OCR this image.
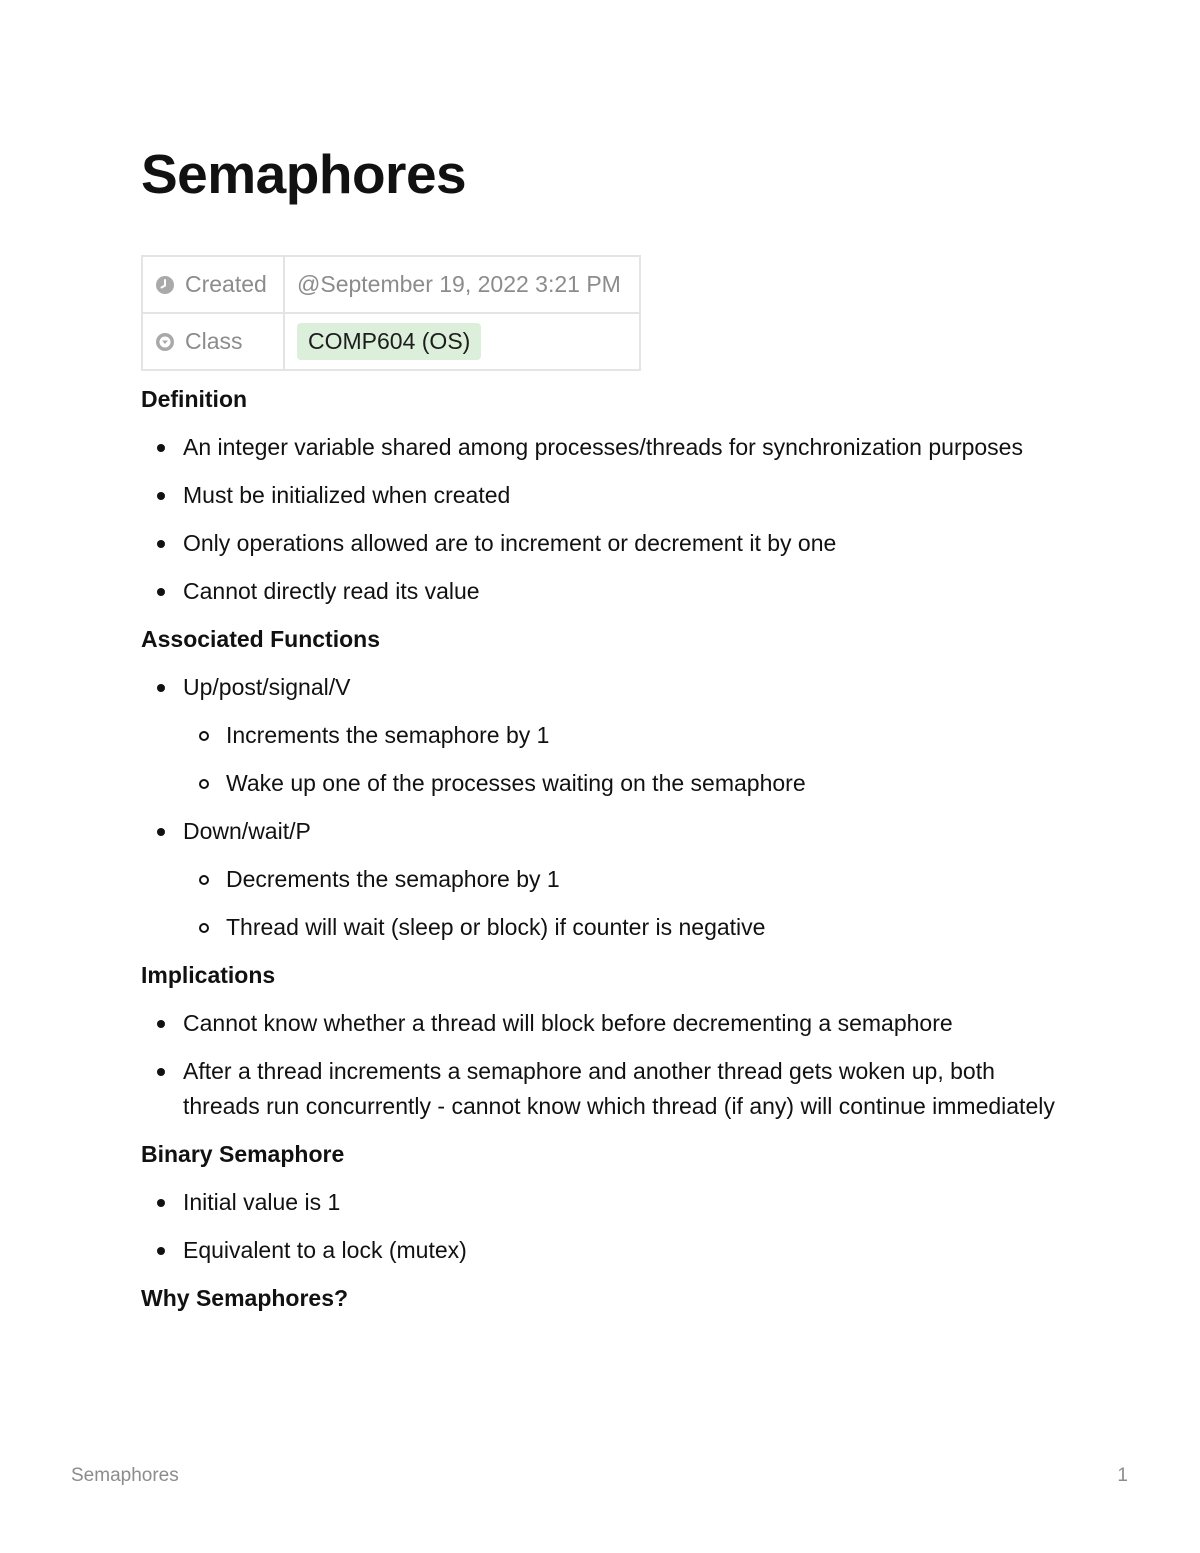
Semaphores
Created	@September 19, 2022 3:21 PM
Class	COMP604 (OS)
Definition
An integer variable shared among processes/threads for synchronization purposes
Must be initialized when created
Only operations allowed are to increment or decrement it by one
Cannot directly read its value
Associated Functions
Up/post/signal/V
Increments the semaphore by 1
Wake up one of the processes waiting on the semaphore
Down/wait/P
Decrements the semaphore by 1
Thread will wait (sleep or block) if counter is negative
Implications
Cannot know whether a thread will block before decrementing a semaphore
After a thread increments a semaphore and another thread gets woken up, both threads run concurrently - cannot know which thread (if any) will continue immediately
Binary Semaphore
Initial value is 1
Equivalent to a lock (mutex)
Why Semaphores?
Semaphores	1
